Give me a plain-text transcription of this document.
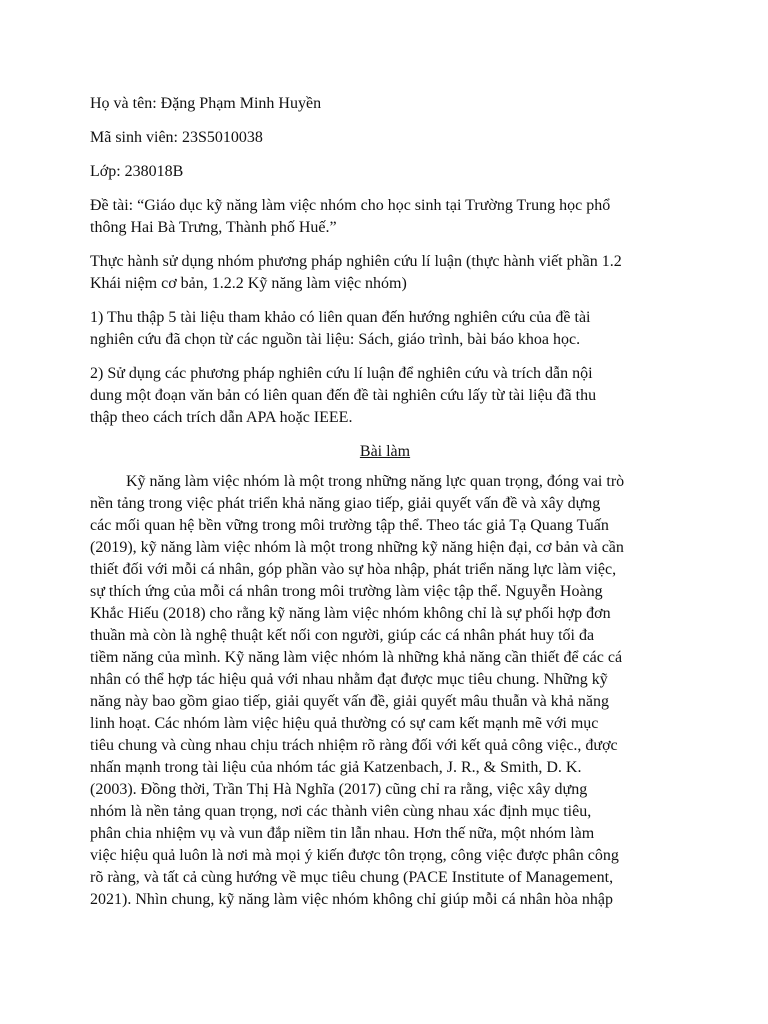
Họ và tên: Đặng Phạm Minh Huyền

Mã sinh viên: 23S5010038

Lớp: 238018B

Đề tài: “Giáo dục kỹ năng làm việc nhóm cho học sinh tại Trường Trung học phổ
thông Hai Bà Trưng, Thành phố Huế.”

Thực hành sử dụng nhóm phương pháp nghiên cứu lí luận (thực hành viết phần 1.2
Khái niệm cơ bản, 1.2.2 Kỹ năng làm việc nhóm)

1) Thu thập 5 tài liệu tham khảo có liên quan đến hướng nghiên cứu của đề tài
nghiên cứu đã chọn từ các nguồn tài liệu: Sách, giáo trình, bài báo khoa học.

2) Sử dụng các phương pháp nghiên cứu lí luận để nghiên cứu và trích dẫn nội
dung một đoạn văn bản có liên quan đến đề tài nghiên cứu lấy từ tài liệu đã thu
thập theo cách trích dẫn APA hoặc IEEE.

Bài làm

Kỹ năng làm việc nhóm là một trong những năng lực quan trọng, đóng vai trò
nền tảng trong việc phát triển khả năng giao tiếp, giải quyết vấn đề và xây dựng
các mối quan hệ bền vững trong môi trường tập thể. Theo tác giả Tạ Quang Tuấn
(2019), kỹ năng làm việc nhóm là một trong những kỹ năng hiện đại, cơ bản và cần
thiết đối với mỗi cá nhân, góp phần vào sự hòa nhập, phát triển năng lực làm việc,
sự thích ứng của mỗi cá nhân trong môi trường làm việc tập thể. Nguyễn Hoàng
Khắc Hiếu (2018) cho rằng kỹ năng làm việc nhóm không chỉ là sự phối hợp đơn
thuần mà còn là nghệ thuật kết nối con người, giúp các cá nhân phát huy tối đa
tiềm năng của mình. Kỹ năng làm việc nhóm là những khả năng cần thiết để các cá
nhân có thể hợp tác hiệu quả với nhau nhằm đạt được mục tiêu chung. Những kỹ
năng này bao gồm giao tiếp, giải quyết vấn đề, giải quyết mâu thuẫn và khả năng
linh hoạt. Các nhóm làm việc hiệu quả thường có sự cam kết mạnh mẽ với mục
tiêu chung và cùng nhau chịu trách nhiệm rõ ràng đối với kết quả công việc., được
nhấn mạnh trong tài liệu của nhóm tác giả Katzenbach, J. R., & Smith, D. K.
(2003). Đồng thời, Trần Thị Hà Nghĩa (2017) cũng chỉ ra rằng, việc xây dựng
nhóm là nền tảng quan trọng, nơi các thành viên cùng nhau xác định mục tiêu,
phân chia nhiệm vụ và vun đắp niềm tin lẫn nhau. Hơn thế nữa, một nhóm làm
việc hiệu quả luôn là nơi mà mọi ý kiến được tôn trọng, công việc được phân công
rõ ràng, và tất cả cùng hướng về mục tiêu chung (PACE Institute of Management,
2021). Nhìn chung, kỹ năng làm việc nhóm không chỉ giúp mỗi cá nhân hòa nhập
